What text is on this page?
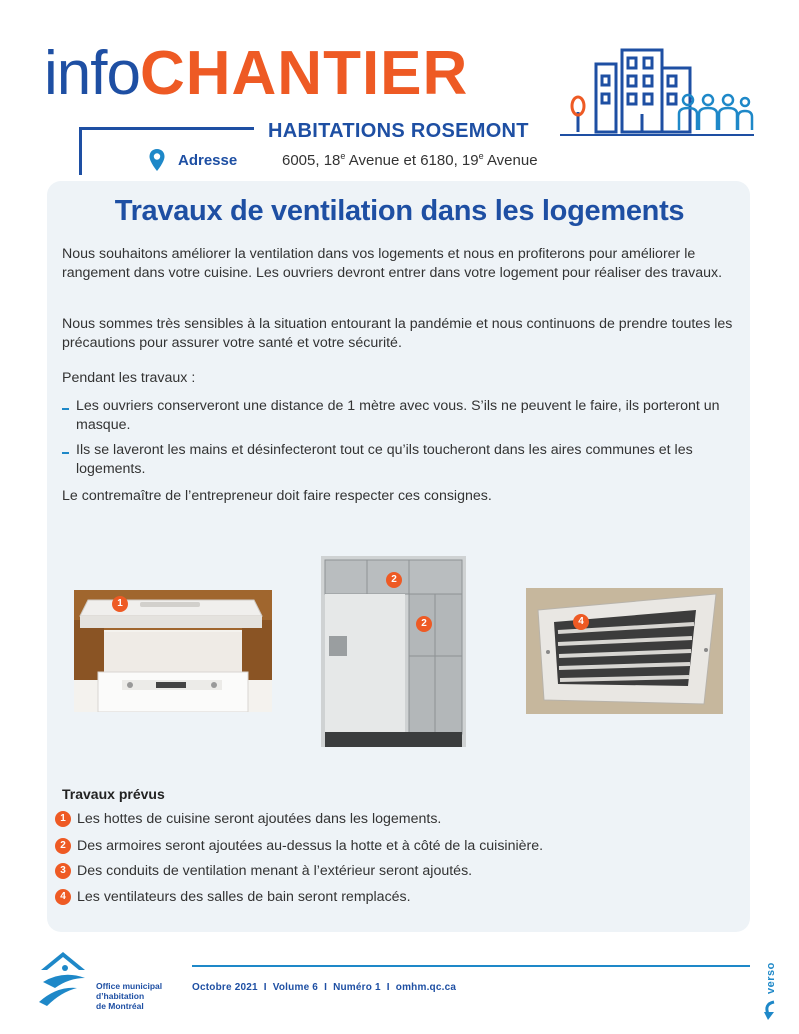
infoCHANTIER
HABITATIONS ROSEMONT
Adresse	6005, 18e Avenue et 6180, 19e Avenue
Travaux de ventilation dans les logements

Nous souhaitons améliorer la ventilation dans vos logements et nous en profiterons pour améliorer le rangement dans votre cuisine. Les ouvriers devront entrer dans votre logement pour réaliser des travaux.

Nous sommes très sensibles à la situation entourant la pandémie et nous continuons de prendre toutes les précautions pour assurer votre santé et votre sécurité.

Pendant les travaux :

Les ouvriers conserveront une distance de 1 mètre avec vous. S’ils ne peuvent le faire, ils porteront un masque.
Ils se laveront les mains et désinfecteront tout ce qu’ils toucheront dans les aires communes et les logements.

Le contremaître de l’entrepreneur doit faire respecter ces consignes.

1
2
2	4
Travaux prévus
1 Les hottes de cuisine seront ajoutées dans les logements.
2 Des armoires seront ajoutées au-dessus la hotte et à côté de la cuisinière.
3 Des conduits de ventilation menant à l’extérieur seront ajoutés.
4 Les ventilateurs des salles de bain seront remplacés.
Office municipal
d’habitation
de Montréal
Octobre 2021 I Volume 6 I Numéro 1 I omhm.qc.ca	verso
